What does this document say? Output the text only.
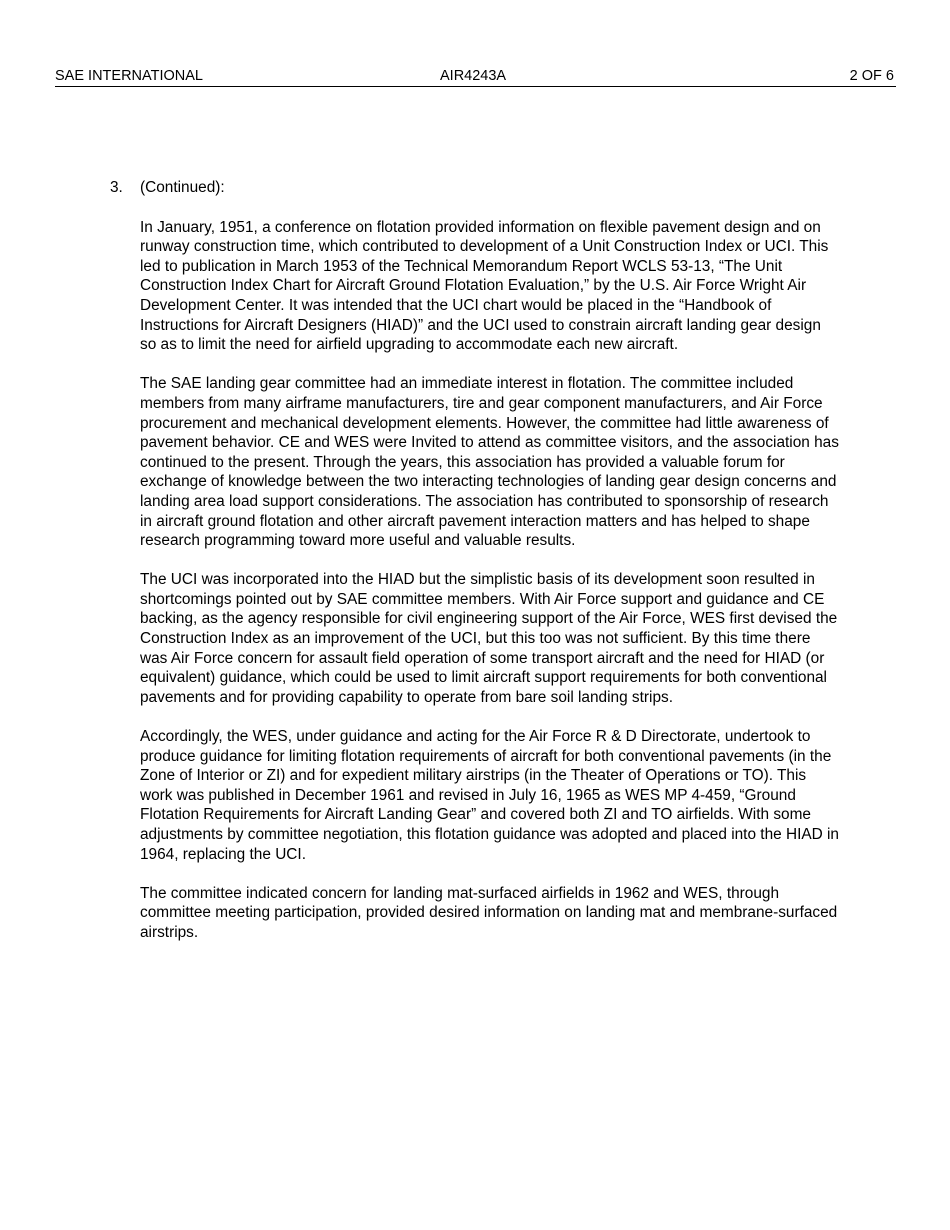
SAE INTERNATIONAL	AIR4243A	2 OF 6
3.	(Continued):

In January, 1951, a conference on flotation provided information on flexible pavement design and on runway construction time, which contributed to development of a Unit Construction Index or UCI. This led to publication in March 1953 of the Technical Memorandum Report WCLS 53-13, “The Unit Construction Index Chart for Aircraft Ground Flotation Evaluation,” by the U.S. Air Force Wright Air Development Center. It was intended that the UCI chart would be placed in the “Handbook of Instructions for Aircraft Designers (HIAD)” and the UCI used to constrain aircraft landing gear design so as to limit the need for airfield upgrading to accommodate each new aircraft.

The SAE landing gear committee had an immediate interest in flotation. The committee included members from many airframe manufacturers, tire and gear component manufacturers, and Air Force procurement and mechanical development elements. However, the committee had little awareness of pavement behavior. CE and WES were Invited to attend as committee visitors, and the association has continued to the present. Through the years, this association has provided a valuable forum for exchange of knowledge between the two interacting technologies of landing gear design concerns and landing area load support considerations. The association has contributed to sponsorship of research in aircraft ground flotation and other aircraft pavement interaction matters and has helped to shape research programming toward more useful and valuable results.

The UCI was incorporated into the HIAD but the simplistic basis of its development soon resulted in shortcomings pointed out by SAE committee members. With Air Force support and guidance and CE backing, as the agency responsible for civil engineering support of the Air Force, WES first devised the Construction Index as an improvement of the UCI, but this too was not sufficient. By this time there was Air Force concern for assault field operation of some transport aircraft and the need for HIAD (or equivalent) guidance, which could be used to limit aircraft support requirements for both conventional pavements and for providing capability to operate from bare soil landing strips.

Accordingly, the WES, under guidance and acting for the Air Force R & D Directorate, undertook to produce guidance for limiting flotation requirements of aircraft for both conventional pavements (in the Zone of Interior or ZI) and for expedient military airstrips (in the Theater of Operations or TO). This work was published in December 1961 and revised in July 16, 1965 as WES MP 4-459, “Ground Flotation Requirements for Aircraft Landing Gear” and covered both ZI and TO airfields. With some adjustments by committee negotiation, this flotation guidance was adopted and placed into the HIAD in 1964, replacing the UCI.

The committee indicated concern for landing mat-surfaced airfields in 1962 and WES, through committee meeting participation, provided desired information on landing mat and membrane-surfaced airstrips.
